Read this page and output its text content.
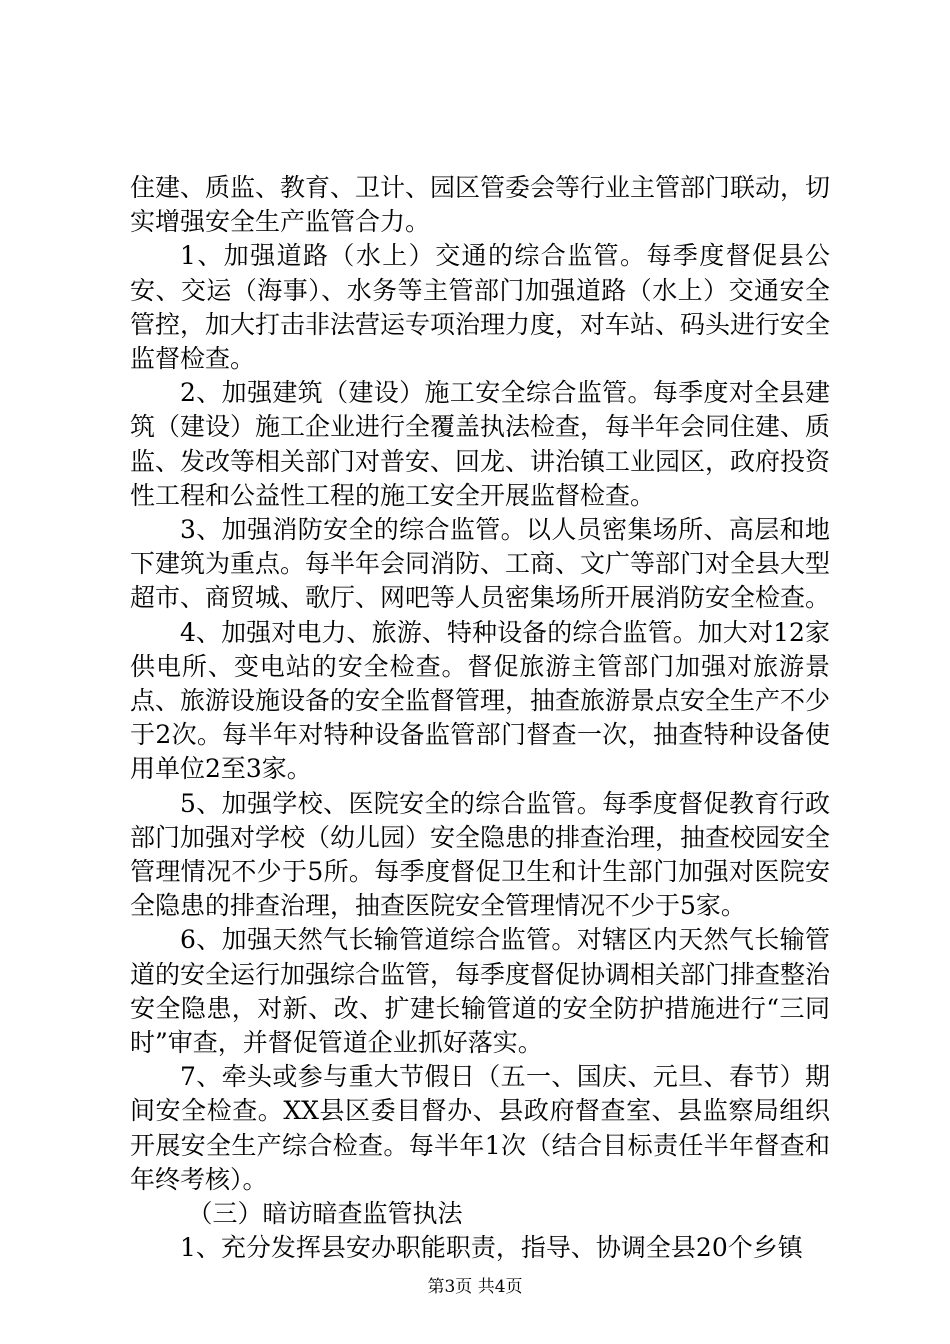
住建、质监、教育、卫计、园区管委会等行业主管部门联动，切实增强安全生产监管合力。

1、加强道路（水上）交通的综合监管。每季度督促县公安、交运（海事）、水务等主管部门加强道路（水上）交通安全管控，加大打击非法营运专项治理力度，对车站、码头进行安全监督检查。

2、加强建筑（建设）施工安全综合监管。每季度对全县建筑（建设）施工企业进行全覆盖执法检查，每半年会同住建、质监、发改等相关部门对普安、回龙、讲治镇工业园区，政府投资性工程和公益性工程的施工安全开展监督检查。

3、加强消防安全的综合监管。以人员密集场所、高层和地下建筑为重点。每半年会同消防、工商、文广等部门对全县大型超市、商贸城、歌厅、网吧等人员密集场所开展消防安全检查。

4、加强对电力、旅游、特种设备的综合监管。加大对12家供电所、变电站的安全检查。督促旅游主管部门加强对旅游景点、旅游设施设备的安全监督管理，抽查旅游景点安全生产不少于2次。每半年对特种设备监管部门督查一次，抽查特种设备使用单位2至3家。

5、加强学校、医院安全的综合监管。每季度督促教育行政部门加强对学校（幼儿园）安全隐患的排查治理，抽查校园安全管理情况不少于5所。每季度督促卫生和计生部门加强对医院安全隐患的排查治理，抽查医院安全管理情况不少于5家。

6、加强天然气长输管道综合监管。对辖区内天然气长输管道的安全运行加强综合监管，每季度督促协调相关部门排查整治安全隐患，对新、改、扩建长输管道的安全防护措施进行“三同时”审查，并督促管道企业抓好落实。

7、牵头或参与重大节假日（五一、国庆、元旦、春节）期间安全检查。XX县区委目督办、县政府督查室、县监察局组织开展安全生产综合检查。每半年1次（结合目标责任半年督查和年终考核）。

（三）暗访暗查监管执法

1、充分发挥县安办职能职责，指导、协调全县20个乡镇

第3页 共4页
